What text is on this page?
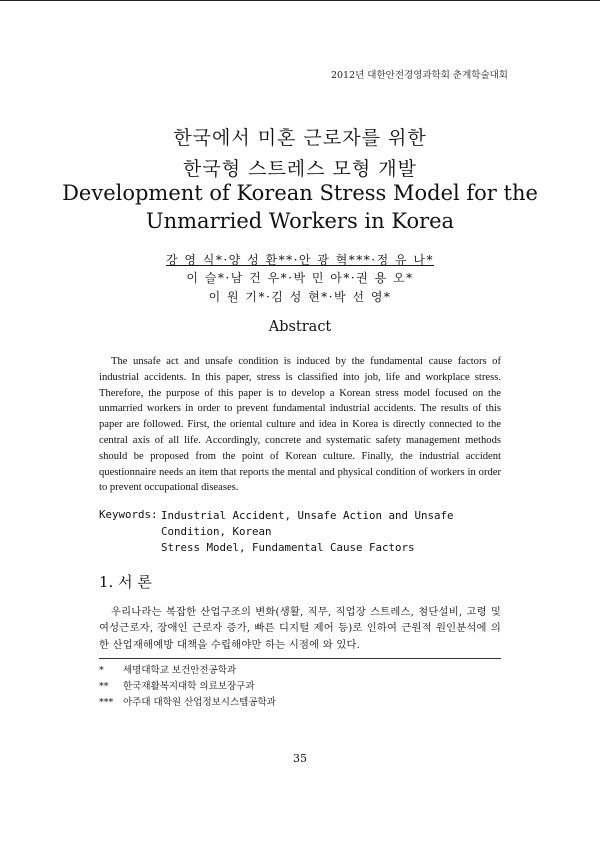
2012년 대한안전경영과학회 춘계학술대회
한국에서 미혼 근로자를 위한
한국형 스트레스 모형 개발
Development of Korean Stress Model for the
Unmarried Workers in Korea
강 영 식*·양 성 환**·안 광 혁***·정 유 나*
이 슬*·남 건 우*·박 민 아*·권 용 오*
이 원 기*·김 성 현*·박 선 영*
Abstract
The unsafe act and unsafe condition is induced by the fundamental cause factors of industrial accidents. In this paper, stress is classified into job, life and workplace stress. Therefore, the purpose of this paper is to develop a Korean stress model focused on the unmarried workers in order to prevent fundamental industrial accidents. The results of this paper are followed. First, the oriental culture and idea in Korea is directly connected to the central axis of all life. Accordingly, concrete and systematic safety management methods should be proposed from the point of Korean culture. Finally, the industrial accident questionnaire needs an item that reports the mental and physical condition of workers in order to prevent occupational diseases.
Keywords: Industrial Accident, Unsafe Action and Unsafe Condition, Korean
Stress Model, Fundamental Cause Factors
1. 서 론
우리나라는 복잡한 산업구조의 변화(생활, 직무, 직업장 스트레스, 첨단설비, 고령 및 여성근로자, 장애인 근로자 증가, 빠른 디지털 제어 등)로 인하여 근원적 원인분석에 의한 산업재해예방 대책을 수립해야만 하는 시점에 와 있다.
* 세명대학교 보건안전공학과
** 한국재활복지대학 의료보장구과
*** 아주대 대학원 산업정보시스템공학과
35
